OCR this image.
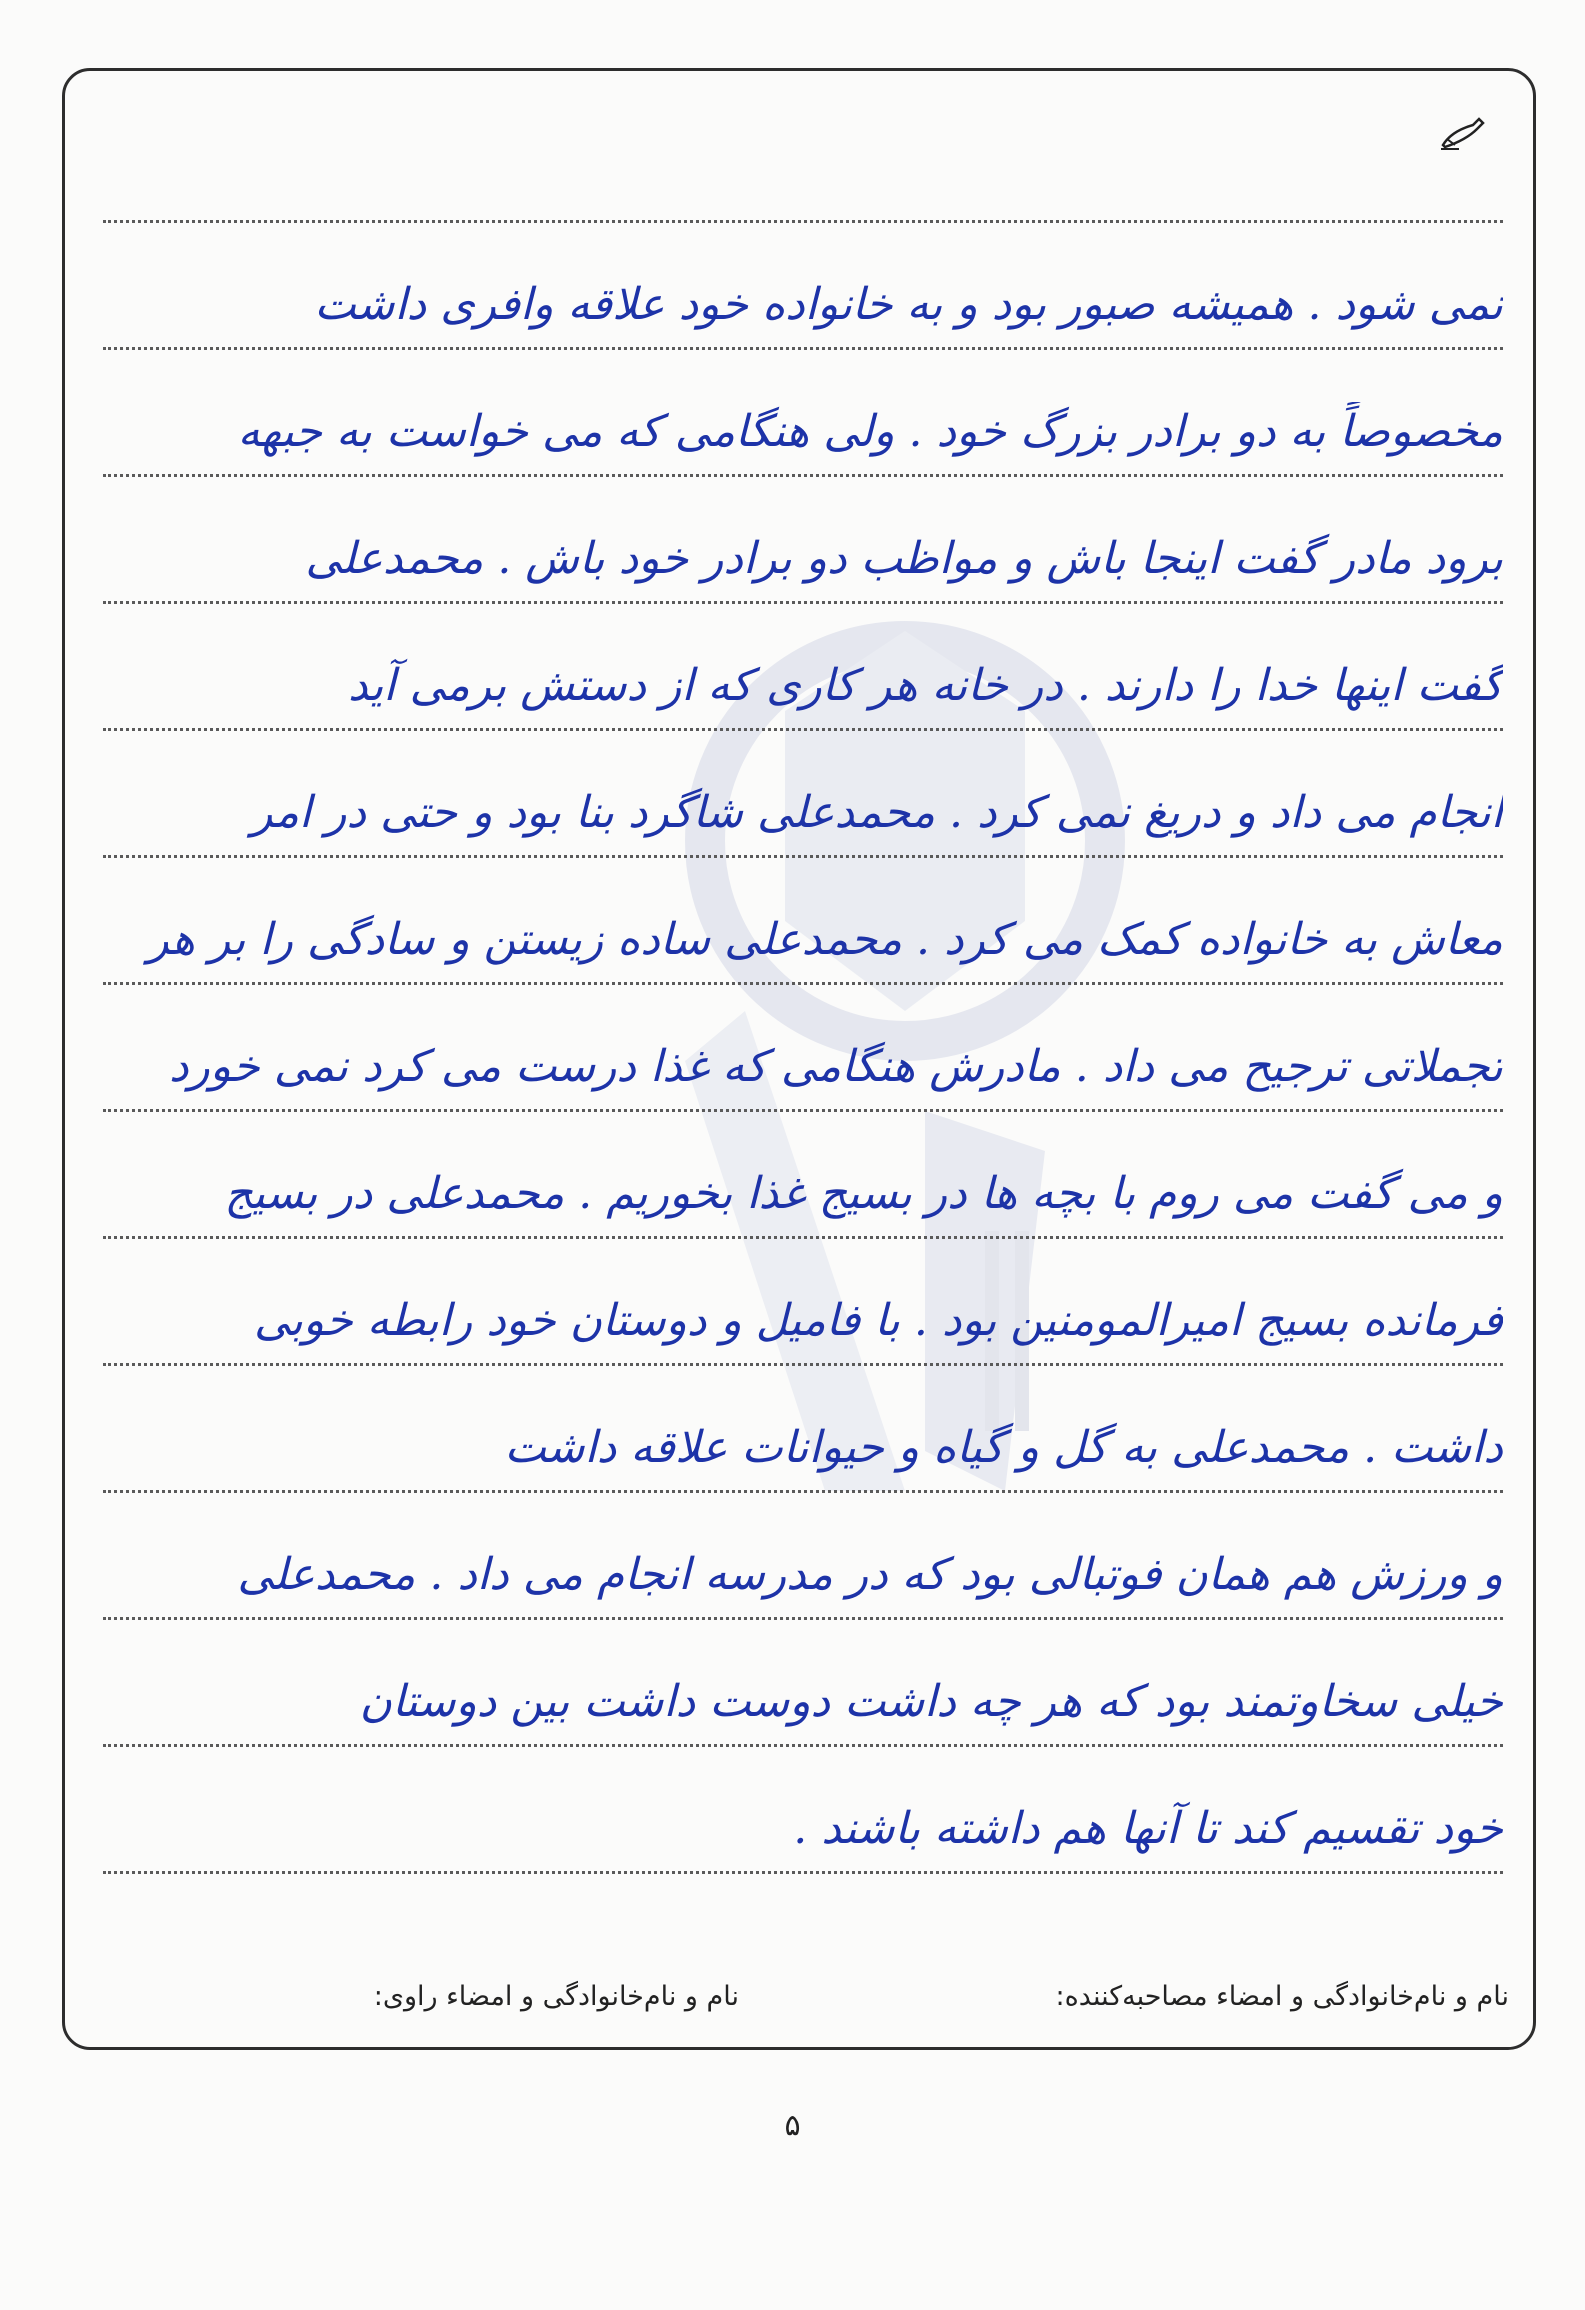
نمی شود . همیشه صبور بود و به خانواده خود علاقه وافری داشت
مخصوصاً به دو برادر بزرگ خود . ولی هنگامی که می خواست به جبهه
برود مادر گفت اینجا باش و مواظب دو برادر خود باش . محمدعلی
گفت اینها خدا را دارند . در خانه هر کاری که از دستش برمی آید
انجام می داد و دریغ نمی کرد . محمدعلی شاگرد بنا بود و حتی در امر
معاش به خانواده کمک می کرد . محمدعلی ساده زیستن و سادگی را بر هر
تجملاتی ترجیح می داد . مادرش هنگامی که غذا درست می کرد نمی خورد
و می گفت می روم با بچه ها در بسیج غذا بخوریم . محمدعلی در بسیج
فرمانده بسیج امیرالمومنین بود . با فامیل و دوستان خود رابطه خوبی
داشت . محمدعلی به گل و گیاه و حیوانات علاقه داشت
و ورزش هم همان فوتبالی بود که در مدرسه انجام می داد . محمدعلی
خیلی سخاوتمند بود که هر چه داشت دوست داشت بین دوستان
خود تقسیم کند تا آنها هم داشته باشند .
نام و نام‌خانوادگی و امضاء مصاحبه‌کننده:
نام و نام‌خانوادگی و امضاء راوی:
۵
